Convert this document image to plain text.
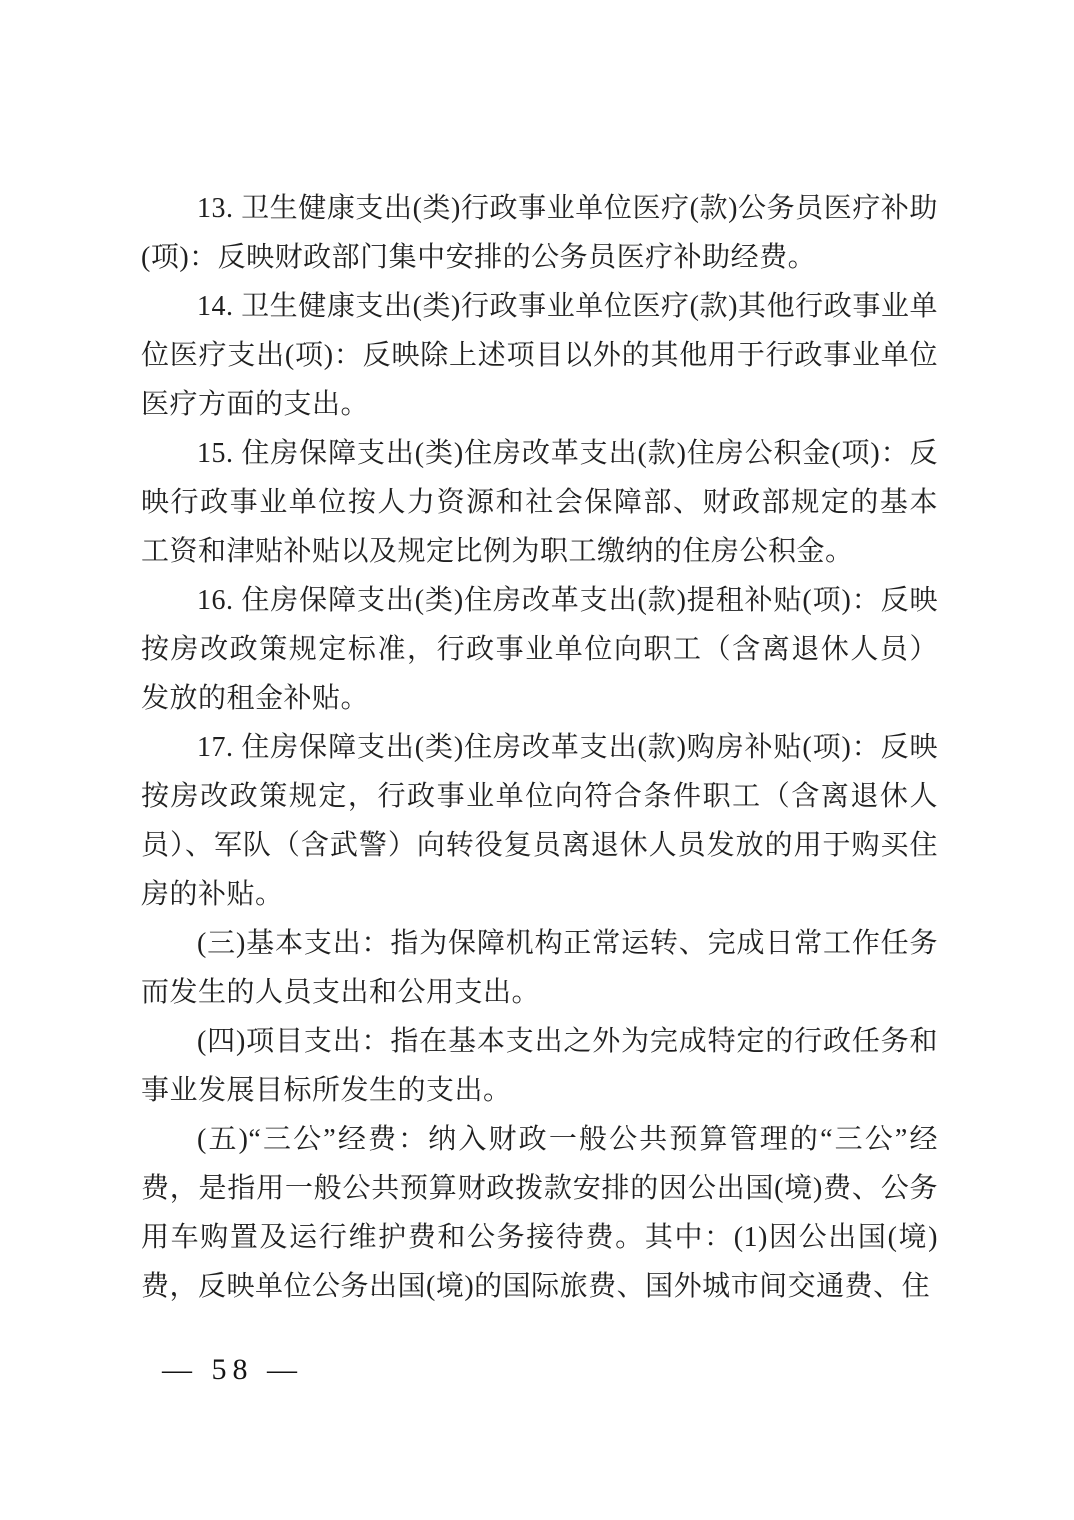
13. 卫生健康支出(类)行政事业单位医疗(款)公务员医疗补助(项)：反映财政部门集中安排的公务员医疗补助经费。

14. 卫生健康支出(类)行政事业单位医疗(款)其他行政事业单位医疗支出(项)：反映除上述项目以外的其他用于行政事业单位医疗方面的支出。

15. 住房保障支出(类)住房改革支出(款)住房公积金(项)：反映行政事业单位按人力资源和社会保障部、财政部规定的基本工资和津贴补贴以及规定比例为职工缴纳的住房公积金。

16. 住房保障支出(类)住房改革支出(款)提租补贴(项)：反映按房改政策规定标准，行政事业单位向职工（含离退休人员）发放的租金补贴。

17. 住房保障支出(类)住房改革支出(款)购房补贴(项)：反映按房改政策规定，行政事业单位向符合条件职工（含离退休人员）、军队（含武警）向转役复员离退休人员发放的用于购买住房的补贴。

(三)基本支出：指为保障机构正常运转、完成日常工作任务而发生的人员支出和公用支出。

(四)项目支出：指在基本支出之外为完成特定的行政任务和事业发展目标所发生的支出。

(五)“三公”经费：纳入财政一般公共预算管理的“三公”经费，是指用一般公共预算财政拨款安排的因公出国(境)费、公务用车购置及运行维护费和公务接待费。其中：(1)因公出国(境)费，反映单位公务出国(境)的国际旅费、国外城市间交通费、住

— 58 —
